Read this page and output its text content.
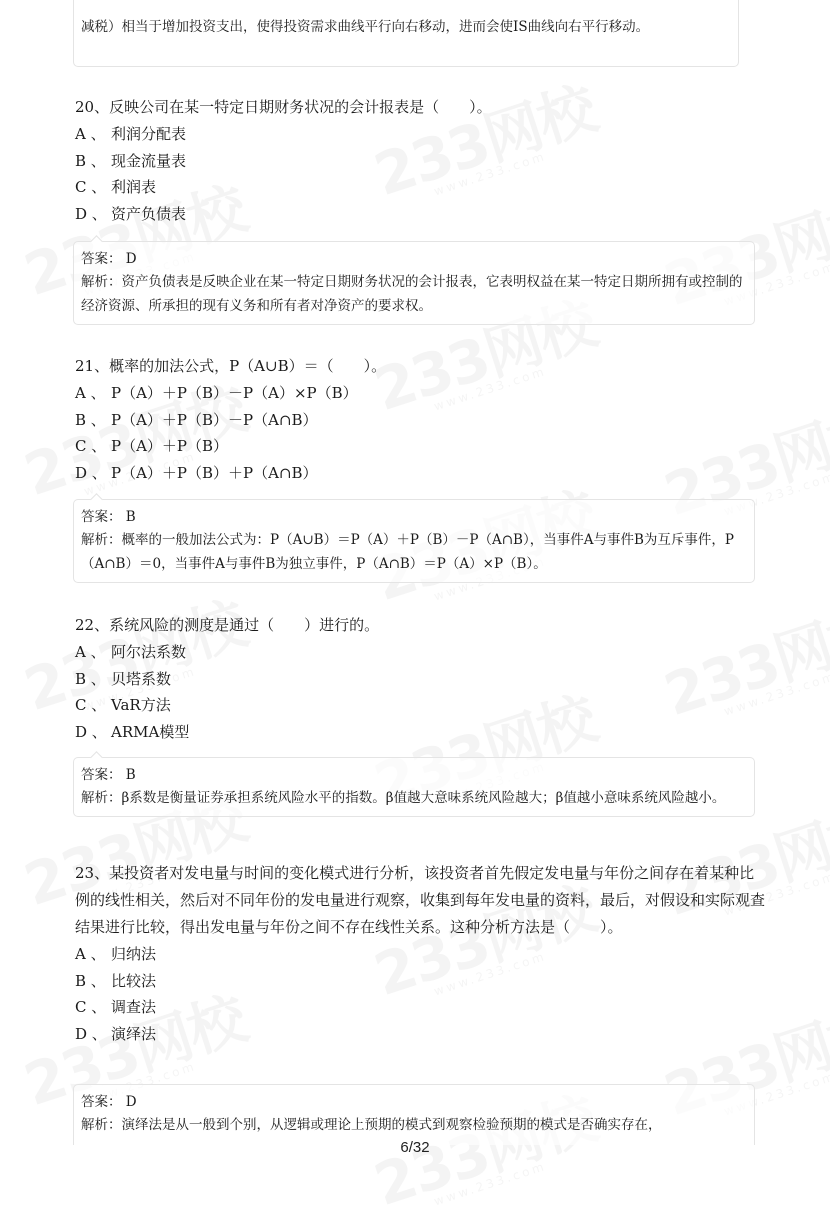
减税）相当于增加投资支出，使得投资需求曲线平行向右移动，进而会使IS曲线向右平行移动。

20、反映公司在某一特定日期财务状况的会计报表是（　　）。

A 、 利润分配表
B 、 现金流量表
C 、 利润表
D 、 资产负债表
答案： D
解析：资产负债表是反映企业在某一特定日期财务状况的会计报表，它表明权益在某一特定日期所拥有或控制的经济资源、所承担的现有义务和所有者对净资产的要求权。

21、概率的加法公式，P（A∪B）＝（　　）。

A 、 P（A）＋P（B）－P（A）×P（B）
B 、 P（A）＋P（B）－P（A∩B）
C 、 P（A）＋P（B）
D 、 P（A）＋P（B）＋P（A∩B）
答案： B
解析：概率的一般加法公式为：P（A∪B）＝P（A）＋P（B）－P（A∩B），当事件A与事件B为互斥事件，P（A∩B）＝0，当事件A与事件B为独立事件，P（A∩B）＝P（A）×P（B）。

22、系统风险的测度是通过（　　）进行的。

A 、 阿尔法系数
B 、 贝塔系数
C 、 VaR方法
D 、 ARMA模型
答案： B
解析：β系数是衡量证券承担系统风险水平的指数。β值越大意味系统风险越大；β值越小意味系统风险越小。

23、某投资者对发电量与时间的变化模式进行分析，该投资者首先假定发电量与年份之间存在着某种比例的线性相关，然后对不同年份的发电量进行观察，收集到每年发电量的资料，最后，对假设和实际观查结果进行比较，得出发电量与年份之间不存在线性关系。这种分析方法是（　　）。

A 、 归纳法
B 、 比较法
C 、 调查法
D 、 演绎法
答案： D
解析：演绎法是从一般到个别，从逻辑或理论上预期的模式到观察检验预期的模式是否确实存在，
6/32
